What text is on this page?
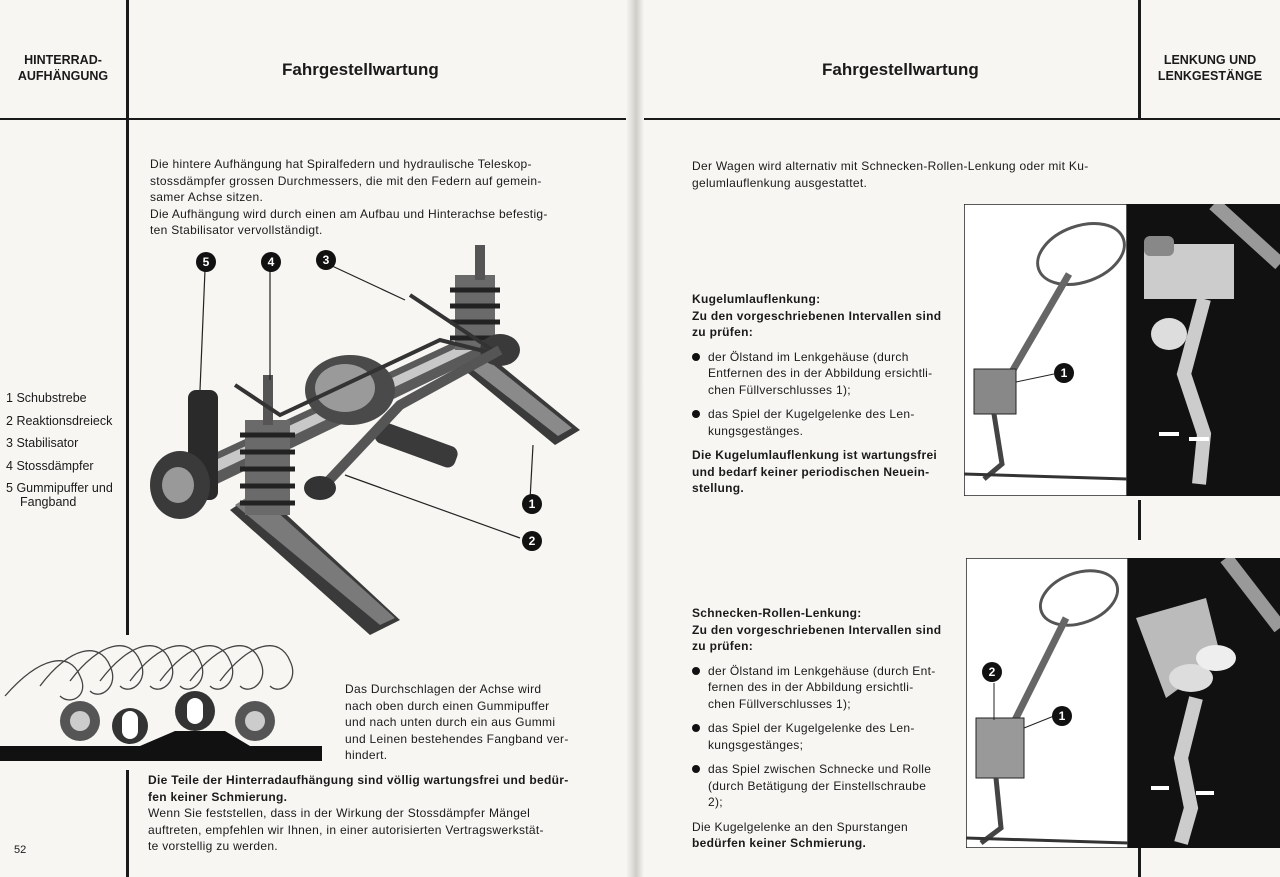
HINTERRAD-
AUFHÄNGUNG	Fahrgestellwartung
Die hintere Aufhängung hat Spiralfedern und hydraulische Teleskop-
stossdämpfer grossen Durchmessers, die mit den Federn auf gemein-
samer Achse sitzen.
Die Aufhängung wird durch einen am Aufbau und Hinterachse befestig-
ten Stabilisator vervollständigt.
1 Schubstrebe
2 Reaktionsdreieck
3 Stabilisator
4 Stossdämpfer
5 Gummipuffer und
Fangband
5	4	3
1
2
Das Durchschlagen der Achse wird
nach oben durch einen Gummipuffer
und nach unten durch ein aus Gummi
und Leinen bestehendes Fangband ver-
hindert.
Die Teile der Hinterradaufhängung sind völlig wartungsfrei und bedür-
fen keiner Schmierung.
Wenn Sie feststellen, dass in der Wirkung der Stossdämpfer Mängel
auftreten, empfehlen wir Ihnen, in einer autorisierten Vertragswerkstät-
te vorstellig zu werden.
52
Fahrgestellwartung	LENKUNG UND
LENKGESTÄNGE
Der Wagen wird alternativ mit Schnecken-Rollen-Lenkung oder mit Ku-
gelumlauflenkung ausgestattet.
Kugelumlauflenkung:
Zu den vorgeschriebenen Intervallen sind
zu prüfen:
der Ölstand im Lenkgehäuse (durch
Entfernen des in der Abbildung ersichtli-
chen Füllverschlusses 1);
das Spiel der Kugelgelenke des Len-
kungsgestänges.
Die Kugelumlauflenkung ist wartungsfrei
und bedarf keiner periodischen Neuein-
stellung.
1
Schnecken-Rollen-Lenkung:
Zu den vorgeschriebenen Intervallen sind
zu prüfen:
der Ölstand im Lenkgehäuse (durch Ent-
fernen des in der Abbildung ersichtli-
chen Füllverschlusses 1);
das Spiel der Kugelgelenke des Len-
kungsgestänges;
das Spiel zwischen Schnecke und Rolle
(durch Betätigung der Einstellschraube
2);
Die Kugelgelenke an den Spurstangen
bedürfen keiner Schmierung.
2
1
